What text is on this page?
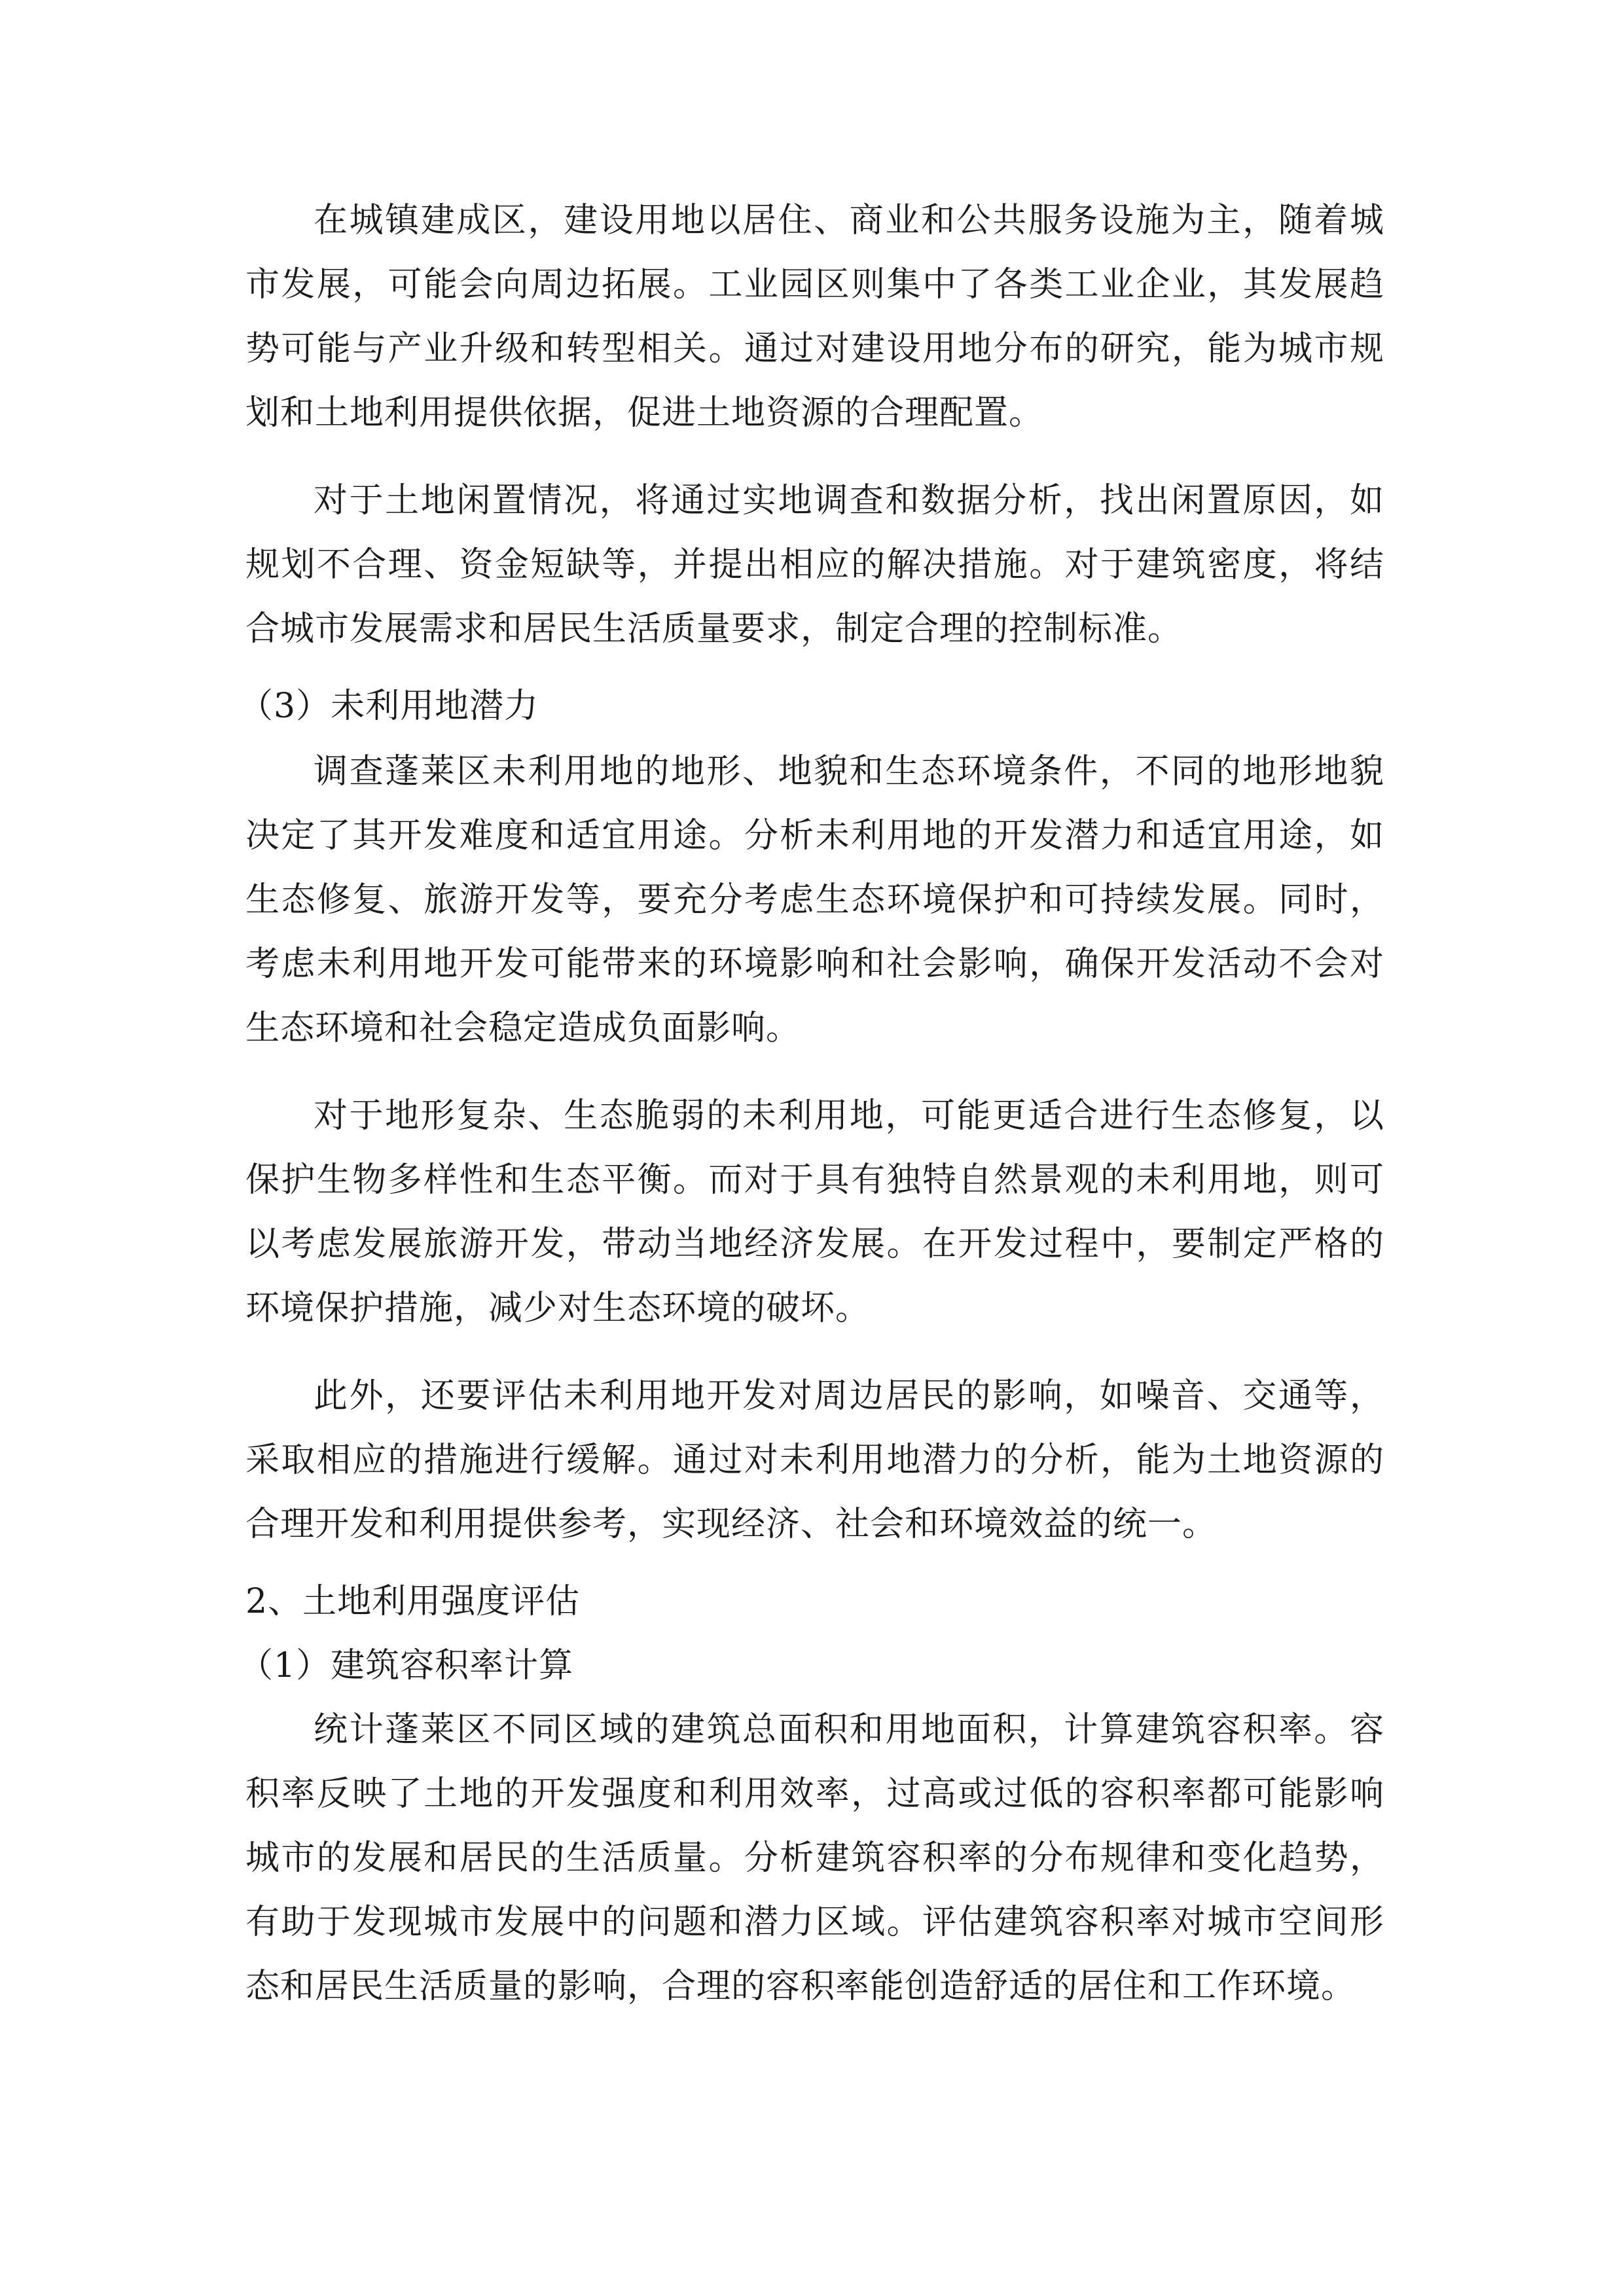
在城镇建成区，建设用地以居住、商业和公共服务设施为主，随着城市发展，可能会向周边拓展。工业园区则集中了各类工业企业，其发展趋势可能与产业升级和转型相关。通过对建设用地分布的研究，能为城市规划和土地利用提供依据，促进土地资源的合理配置。

对于土地闲置情况，将通过实地调查和数据分析，找出闲置原因，如规划不合理、资金短缺等，并提出相应的解决措施。对于建筑密度，将结合城市发展需求和居民生活质量要求，制定合理的控制标准。

（3）未利用地潜力

调查蓬莱区未利用地的地形、地貌和生态环境条件，不同的地形地貌决定了其开发难度和适宜用途。分析未利用地的开发潜力和适宜用途，如生态修复、旅游开发等，要充分考虑生态环境保护和可持续发展。同时，考虑未利用地开发可能带来的环境影响和社会影响，确保开发活动不会对生态环境和社会稳定造成负面影响。

对于地形复杂、生态脆弱的未利用地，可能更适合进行生态修复，以保护生物多样性和生态平衡。而对于具有独特自然景观的未利用地，则可以考虑发展旅游开发，带动当地经济发展。在开发过程中，要制定严格的环境保护措施，减少对生态环境的破坏。

此外，还要评估未利用地开发对周边居民的影响，如噪音、交通等，采取相应的措施进行缓解。通过对未利用地潜力的分析，能为土地资源的合理开发和利用提供参考，实现经济、社会和环境效益的统一。

2、土地利用强度评估

（1）建筑容积率计算

统计蓬莱区不同区域的建筑总面积和用地面积，计算建筑容积率。容积率反映了土地的开发强度和利用效率，过高或过低的容积率都可能影响城市的发展和居民的生活质量。分析建筑容积率的分布规律和变化趋势，有助于发现城市发展中的问题和潜力区域。评估建筑容积率对城市空间形态和居民生活质量的影响，合理的容积率能创造舒适的居住和工作环境。
